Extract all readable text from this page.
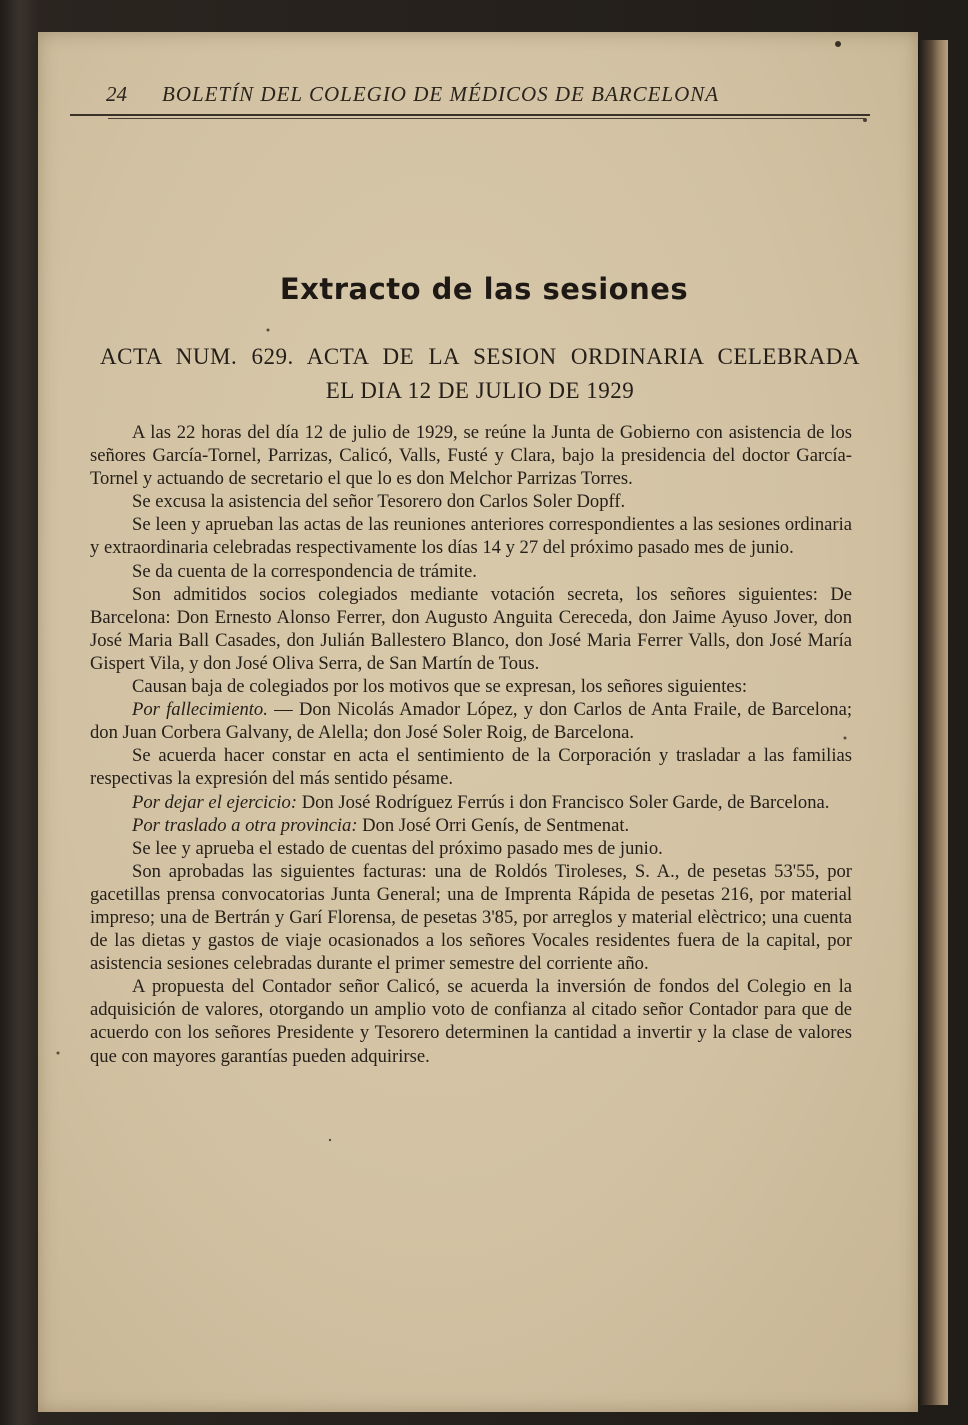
24 BOLETÍN DEL COLEGIO DE MÉDICOS DE BARCELONA
Extracto de las sesiones
ACTA NUM. 629. ACTA DE LA SESION ORDINARIA CELEBRADA
EL DIA 12 DE JULIO DE 1929

A las 22 horas del día 12 de julio de 1929, se reúne la Junta de Gobierno con asistencia de los señores García-Tornel, Parrizas, Calicó, Valls, Fusté y Clara, bajo la presidencia del doctor García-Tornel y actuando de secretario el que lo es don Melchor Parrizas Torres.

Se excusa la asistencia del señor Tesorero don Carlos Soler Dopff.

Se leen y aprueban las actas de las reuniones anteriores correspondientes a las sesiones ordinaria y extraordinaria celebradas respectivamente los días 14 y 27 del próximo pasado mes de junio.

Se da cuenta de la correspondencia de trámite.

Son admitidos socios colegiados mediante votación secreta, los señores siguientes: De Barcelona: Don Ernesto Alonso Ferrer, don Augusto Anguita Cereceda, don Jaime Ayuso Jover, don José Maria Ball Casades, don Julián Ballestero Blanco, don José Maria Ferrer Valls, don José María Gispert Vila, y don José Oliva Serra, de San Martín de Tous.

Causan baja de colegiados por los motivos que se expresan, los señores siguientes:

Por fallecimiento. — Don Nicolás Amador López, y don Carlos de Anta Fraile, de Barcelona; don Juan Corbera Galvany, de Alella; don José Soler Roig, de Barcelona.

Se acuerda hacer constar en acta el sentimiento de la Corporación y trasladar a las familias respectivas la expresión del más sentido pésame.

Por dejar el ejercicio: Don José Rodríguez Ferrús i don Francisco Soler Garde, de Barcelona.

Por traslado a otra provincia: Don José Orri Genís, de Sentmenat.

Se lee y aprueba el estado de cuentas del próximo pasado mes de junio.

Son aprobadas las siguientes facturas: una de Roldós Tiroleses, S. A., de pesetas 53'55, por gacetillas prensa convocatorias Junta General; una de Imprenta Rápida de pesetas 216, por material impreso; una de Bertrán y Garí Florensa, de pesetas 3'85, por arreglos y material elèctrico; una cuenta de las dietas y gastos de viaje ocasionados a los señores Vocales residentes fuera de la capital, por asistencia sesiones celebradas durante el primer semestre del corriente año.

A propuesta del Contador señor Calicó, se acuerda la inversión de fondos del Colegio en la adquisición de valores, otorgando un amplio voto de confianza al citado señor Contador para que de acuerdo con los señores Presidente y Tesorero determinen la cantidad a invertir y la clase de valores que con mayores garantías pueden adquirirse.
